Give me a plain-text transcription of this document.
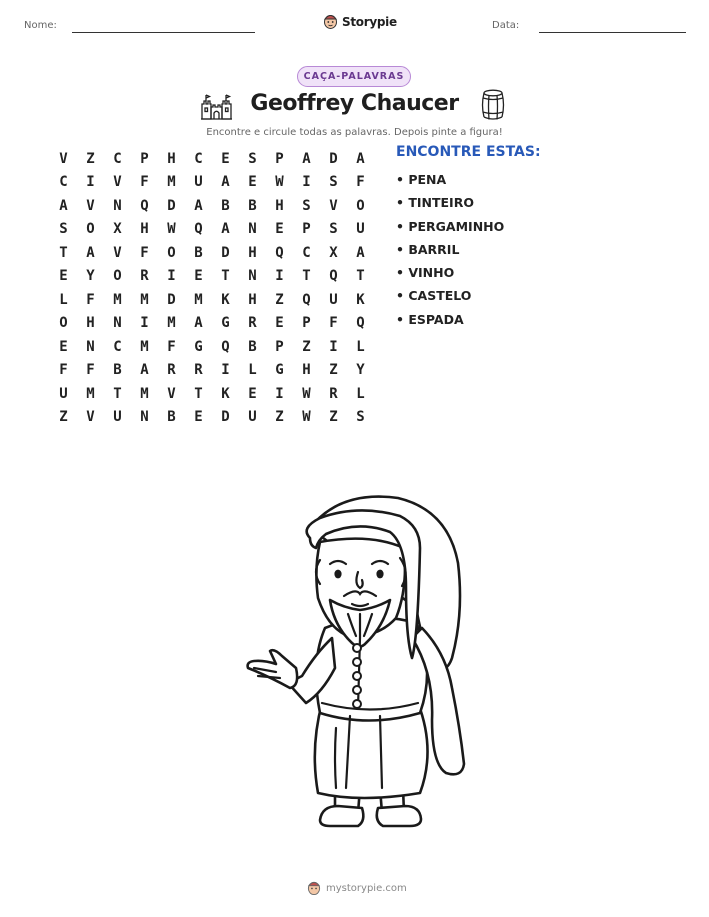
Nome:	Storypie	Data:
CAÇA-PALAVRAS
Geoffrey Chaucer
Encontre e circule todas as palavras. Depois pinte a figura!
V	Z	C	P	H	C	E	S	P	A	D	A
C	I	V	F	M	U	A	E	W	I	S	F
A	V	N	Q	D	A	B	B	H	S	V	O
S	O	X	H	W	Q	A	N	E	P	S	U
T	A	V	F	O	B	D	H	Q	C	X	A
E	Y	O	R	I	E	T	N	I	T	Q	T
L	F	M	M	D	M	K	H	Z	Q	U	K
O	H	N	I	M	A	G	R	E	P	F	Q
E	N	C	M	F	G	Q	B	P	Z	I	L
F	F	B	A	R	R	I	L	G	H	Z	Y
U	M	T	M	V	T	K	E	I	W	R	L
Z	V	U	N	B	E	D	U	Z	W	Z	S
ENCONTRE ESTAS:
• PENA
• TINTEIRO
• PERGAMINHO
• BARRIL
• VINHO
• CASTELO
• ESPADA
mystorypie.com
